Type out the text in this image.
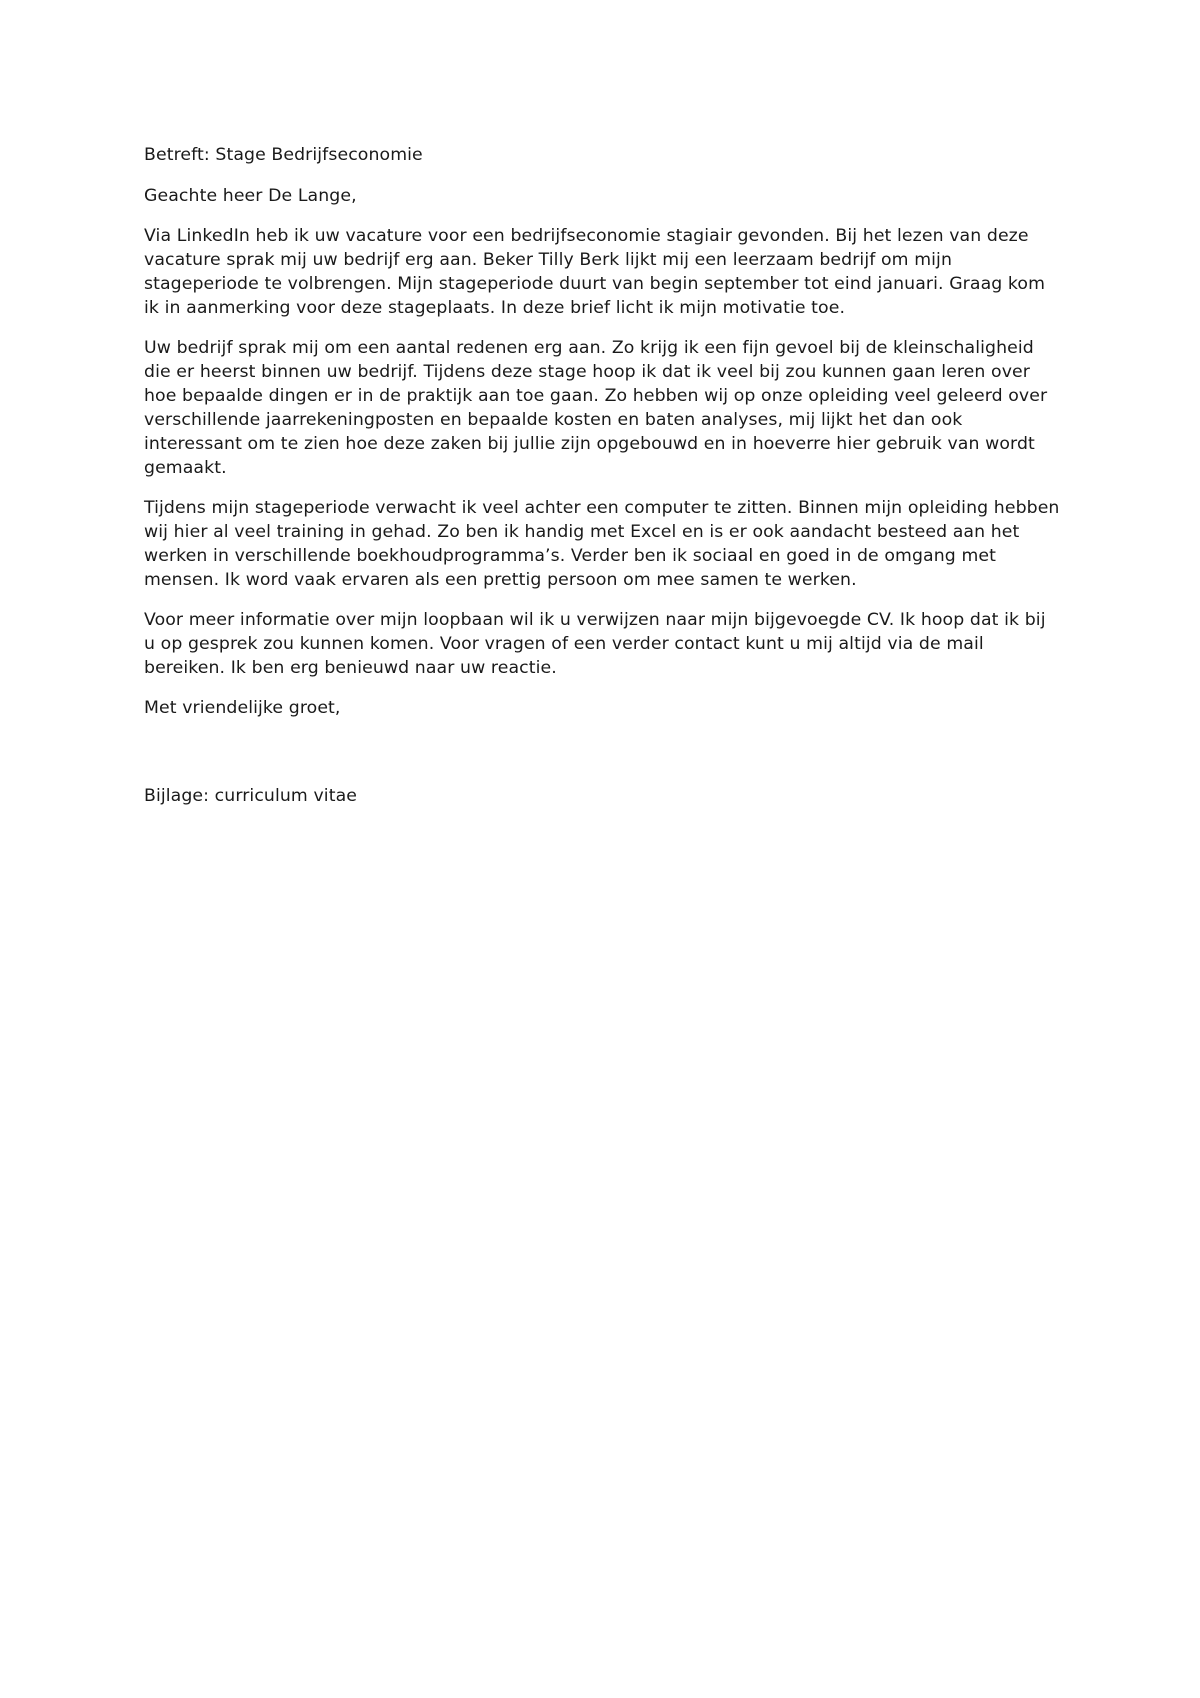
Betreft: Stage Bedrijfseconomie

Geachte heer De Lange,

Via LinkedIn heb ik uw vacature voor een bedrijfseconomie stagiair gevonden. Bij het lezen van deze vacature sprak mij uw bedrijf erg aan. Beker Tilly Berk lijkt mij een leerzaam bedrijf om mijn stageperiode te volbrengen. Mijn stageperiode duurt van begin september tot eind januari. Graag kom ik in aanmerking voor deze stageplaats. In deze brief licht ik mijn motivatie toe.

Uw bedrijf sprak mij om een aantal redenen erg aan. Zo krijg ik een fijn gevoel bij de kleinschaligheid die er heerst binnen uw bedrijf. Tijdens deze stage hoop ik dat ik veel bij zou kunnen gaan leren over hoe bepaalde dingen er in de praktijk aan toe gaan. Zo hebben wij op onze opleiding veel geleerd over verschillende jaarrekeningposten en bepaalde kosten en baten analyses, mij lijkt het dan ook interessant om te zien hoe deze zaken bij jullie zijn opgebouwd en in hoeverre hier gebruik van wordt gemaakt.

Tijdens mijn stageperiode verwacht ik veel achter een computer te zitten. Binnen mijn opleiding hebben wij hier al veel training in gehad. Zo ben ik handig met Excel en is er ook aandacht besteed aan het werken in verschillende boekhoudprogramma’s. Verder ben ik sociaal en goed in de omgang met mensen. Ik word vaak ervaren als een prettig persoon om mee samen te werken.

Voor meer informatie over mijn loopbaan wil ik u verwijzen naar mijn bijgevoegde CV. Ik hoop dat ik bij u op gesprek zou kunnen komen. Voor vragen of een verder contact kunt u mij altijd via de mail bereiken. Ik ben erg benieuwd naar uw reactie.

Met vriendelijke groet,

Bijlage: curriculum vitae
